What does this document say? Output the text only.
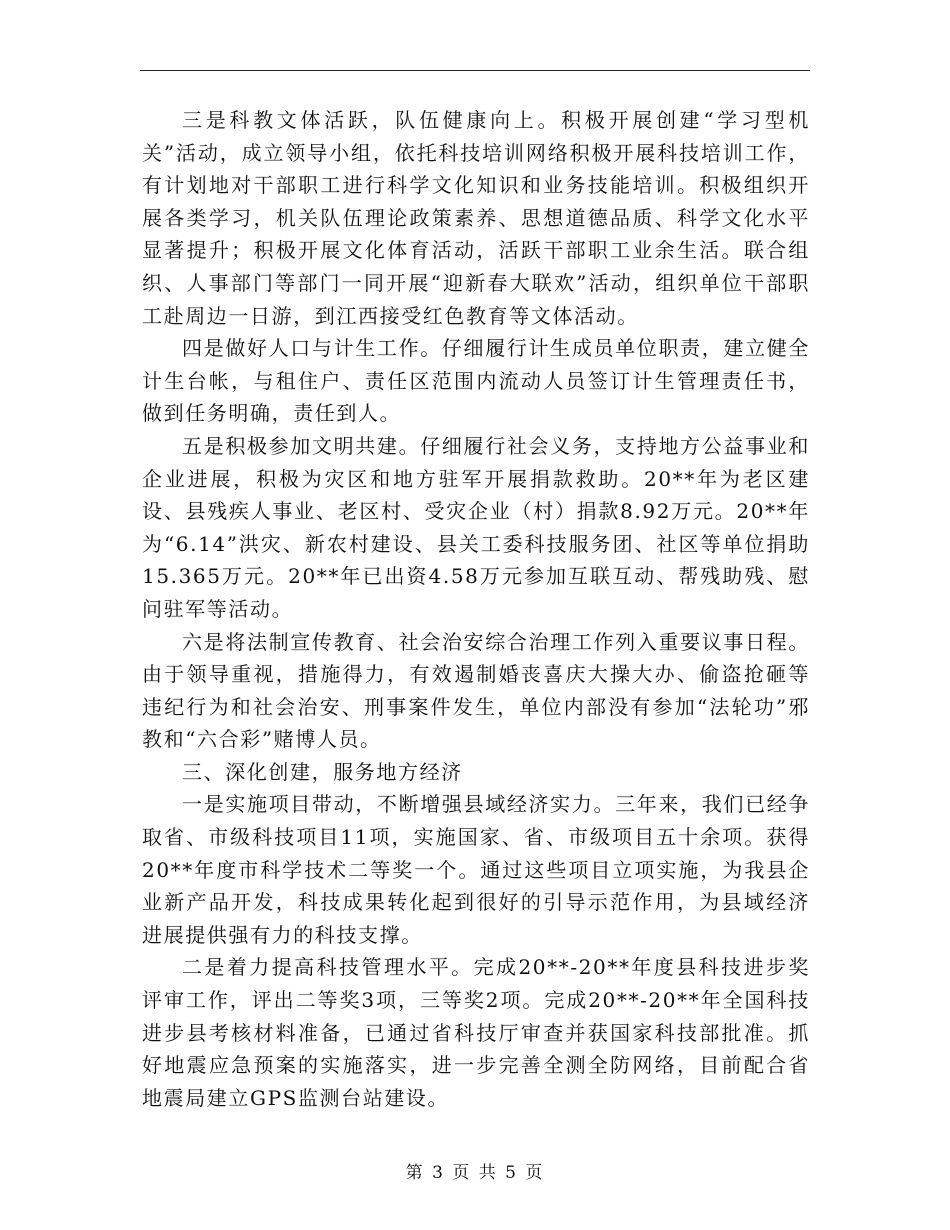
三是科教文体活跃，队伍健康向上。积极开展创建“学习型机关”活动，成立领导小组，依托科技培训网络积极开展科技培训工作，有计划地对干部职工进行科学文化知识和业务技能培训。积极组织开展各类学习，机关队伍理论政策素养、思想道德品质、科学文化水平显著提升；积极开展文化体育活动，活跃干部职工业余生活。联合组织、人事部门等部门一同开展“迎新春大联欢”活动，组织单位干部职工赴周边一日游，到江西接受红色教育等文体活动。

四是做好人口与计生工作。仔细履行计生成员单位职责，建立健全计生台帐，与租住户、责任区范围内流动人员签订计生管理责任书，做到任务明确，责任到人。

五是积极参加文明共建。仔细履行社会义务，支持地方公益事业和企业进展，积极为灾区和地方驻军开展捐款救助。20**年为老区建设、县残疾人事业、老区村、受灾企业（村）捐款8.92万元。20**年为“6.14”洪灾、新农村建设、县关工委科技服务团、社区等单位捐助15.365万元。20**年已出资4.58万元参加互联互动、帮残助残、慰问驻军等活动。

六是将法制宣传教育、社会治安综合治理工作列入重要议事日程。由于领导重视，措施得力，有效遏制婚丧喜庆大操大办、偷盗抢砸等违纪行为和社会治安、刑事案件发生，单位内部没有参加“法轮功”邪教和“六合彩”赌博人员。

三、深化创建，服务地方经济

一是实施项目带动，不断增强县域经济实力。三年来，我们已经争取省、市级科技项目11项，实施国家、省、市级项目五十余项。获得20**年度市科学技术二等奖一个。通过这些项目立项实施，为我县企业新产品开发，科技成果转化起到很好的引导示范作用，为县域经济进展提供强有力的科技支撑。

二是着力提高科技管理水平。完成20**-20**年度县科技进步奖评审工作，评出二等奖3项，三等奖2项。完成20**-20**年全国科技进步县考核材料准备，已通过省科技厅审查并获国家科技部批准。抓好地震应急预案的实施落实，进一步完善全测全防网络，目前配合省地震局建立GPS监测台站建设。

第 3 页 共 5 页
